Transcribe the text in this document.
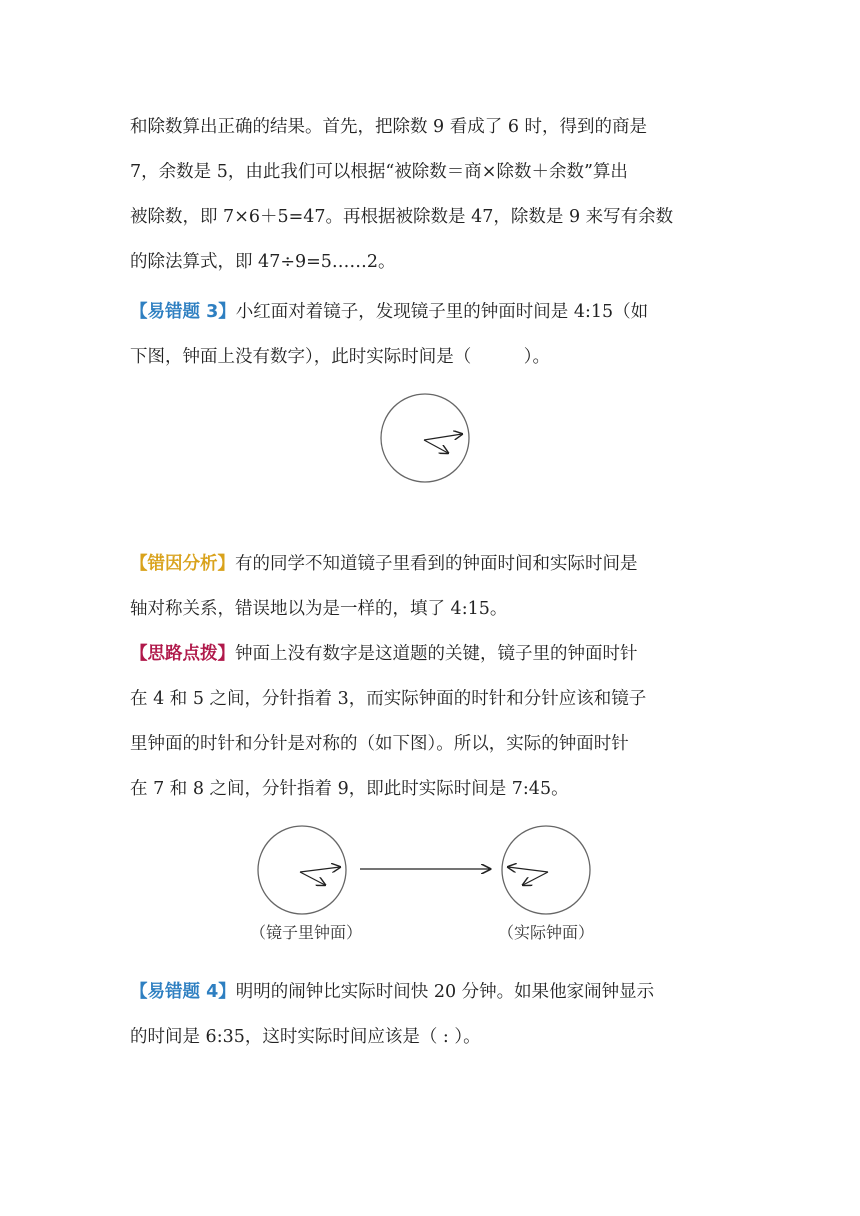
和除数算出正确的结果。首先，把除数 9 看成了 6 时，得到的商是
7，余数是 5，由此我们可以根据“被除数＝商×除数＋余数”算出
被除数，即 7×6＋5=47。再根据被除数是 47，除数是 9 来写有余数
的除法算式，即 47÷9=5……2。
【易错题 3】小红面对着镜子，发现镜子里的钟面时间是 4:15（如
下图，钟面上没有数字），此时实际时间是（　　　）。
【错因分析】有的同学不知道镜子里看到的钟面时间和实际时间是
轴对称关系，错误地以为是一样的，填了 4:15。
【思路点拨】钟面上没有数字是这道题的关键，镜子里的钟面时针
在 4 和 5 之间，分针指着 3，而实际钟面的时针和分针应该和镜子
里钟面的时针和分针是对称的（如下图）。所以，实际的钟面时针
在 7 和 8 之间，分针指着 9，即此时实际时间是 7:45。
（镜子里钟面）	（实际钟面）
【易错题 4】明明的闹钟比实际时间快 20 分钟。如果他家闹钟显示
的时间是 6:35，这时实际时间应该是（ : ）。
